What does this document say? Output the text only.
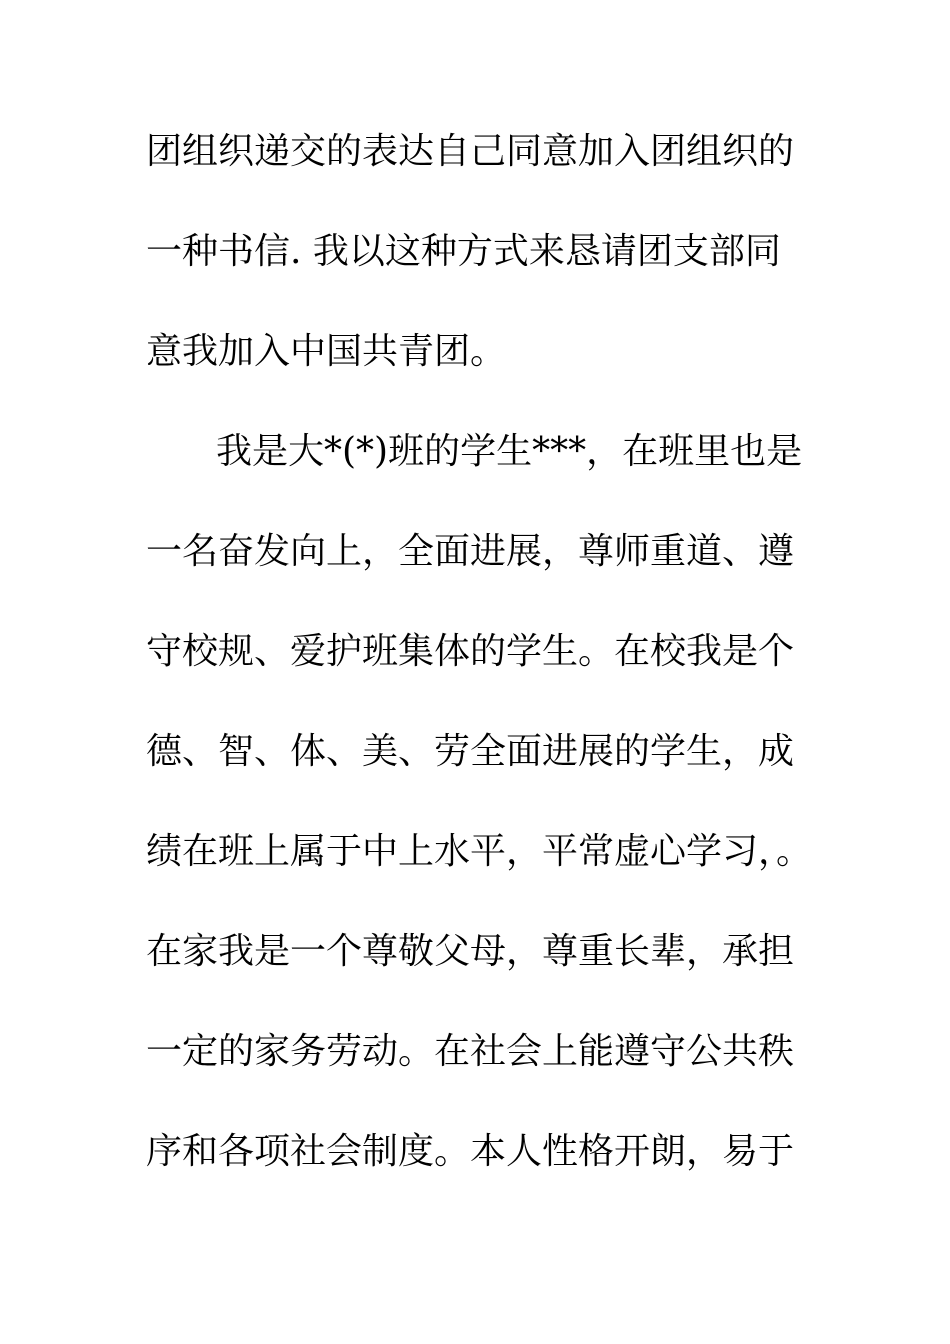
团组织递交的表达自己同意加入团组织的
一种书信. 我以这种方式来恳请团支部同
意我加入中国共青团。
我是大*(*)班的学生***，在班里也是
一名奋发向上，全面进展，尊师重道、遵
守校规、爱护班集体的学生。在校我是个
德、智、体、美、劳全面进展的学生，成
绩在班上属于中上水平，平常虚心学习，。
在家我是一个尊敬父母，尊重长辈，承担
一定的家务劳动。在社会上能遵守公共秩
序和各项社会制度。本人性格开朗，易于
